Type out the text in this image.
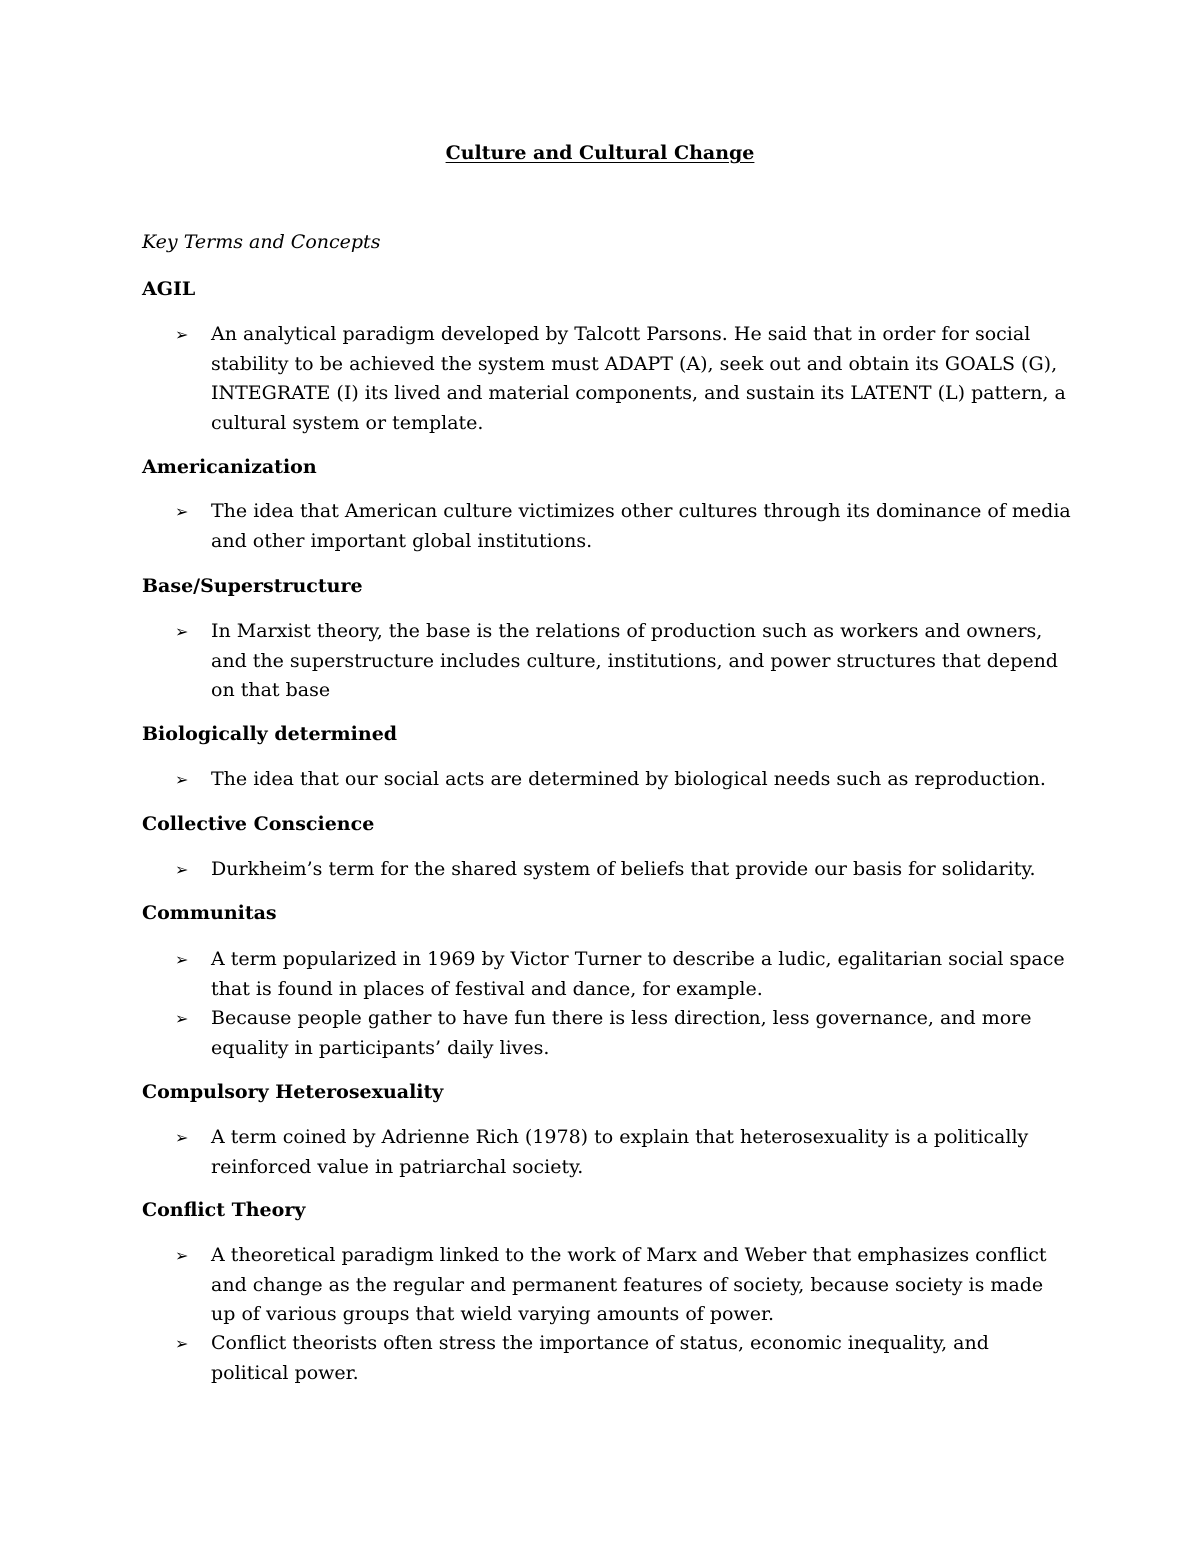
Culture and Cultural Change
Key Terms and Concepts
AGIL
➢ An analytical paradigm developed by Talcott Parsons. He said that in order for social stability to be achieved the system must ADAPT (A), seek out and obtain its GOALS (G), INTEGRATE (I) its lived and material components, and sustain its LATENT (L) pattern, a cultural system or template.
Americanization
➢ The idea that American culture victimizes other cultures through its dominance of media and other important global institutions.
Base/Superstructure
➢ In Marxist theory, the base is the relations of production such as workers and owners, and the superstructure includes culture, institutions, and power structures that depend on that base
Biologically determined
➢ The idea that our social acts are determined by biological needs such as reproduction.
Collective Conscience
➢ Durkheim’s term for the shared system of beliefs that provide our basis for solidarity.
Communitas
➢ A term popularized in 1969 by Victor Turner to describe a ludic, egalitarian social space that is found in places of festival and dance, for example.
➢ Because people gather to have fun there is less direction, less governance, and more equality in participants’ daily lives.
Compulsory Heterosexuality
➢ A term coined by Adrienne Rich (1978) to explain that heterosexuality is a politically reinforced value in patriarchal society.
Conflict Theory
➢ A theoretical paradigm linked to the work of Marx and Weber that emphasizes conflict and change as the regular and permanent features of society, because society is made up of various groups that wield varying amounts of power.
➢ Conflict theorists often stress the importance of status, economic inequality, and political power.
